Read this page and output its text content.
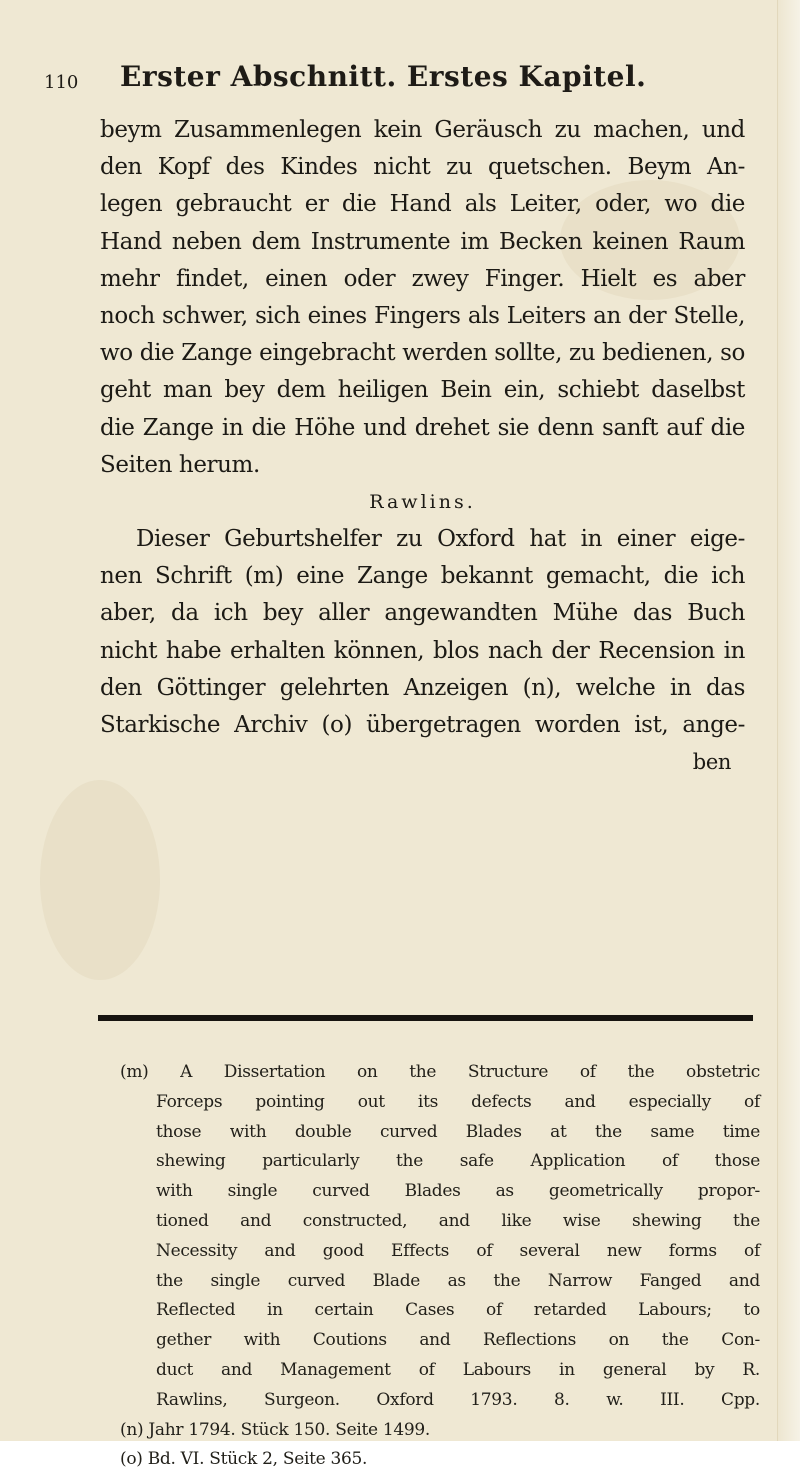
110 Erster Abschnitt. Erstes Kapitel.
beym Zusammenlegen kein Geräusch zu machen, und
den Kopf des Kindes nicht zu quetschen. Beym An-
legen gebraucht er die Hand als Leiter, oder, wo die
Hand neben dem Instrumente im Becken keinen Raum
mehr findet, einen oder zwey Finger. Hielt es aber
noch schwer, sich eines Fingers als Leiters an der Stelle,
wo die Zange eingebracht werden sollte, zu bedienen, so
geht man bey dem heiligen Bein ein, schiebt daselbst
die Zange in die Höhe und drehet sie denn sanft auf die
Seiten herum.
Rawlins.
Dieser Geburtshelfer zu Oxford hat in einer eige-
nen Schrift (m) eine Zange bekannt gemacht, die ich
aber, da ich bey aller angewandten Mühe das Buch
nicht habe erhalten können, blos nach der Recension in
den Göttinger gelehrten Anzeigen (n), welche in das
Starkische Archiv (o) übergetragen worden ist, ange-
ben
(m) A Dissertation on the Structure of the obstetric
Forceps pointing out its defects and especially of
those with double curved Blades at the same time
shewing particularly the safe Application of those
with single curved Blades as geometrically propor-
tioned and constructed, and like wise shewing the
Necessity and good Effects of several new forms of
the single curved Blade as the Narrow Fanged and
Reflected in certain Cases of retarded Labours; to
gether with Coutions and Reflections on the Con-
duct and Management of Labours in general by R.
Rawlins, Surgeon. Oxford 1793. 8. w. III. Cpp.
(n) Jahr 1794. Stück 150. Seite 1499.
(o) Bd. VI. Stück 2, Seite 365.
